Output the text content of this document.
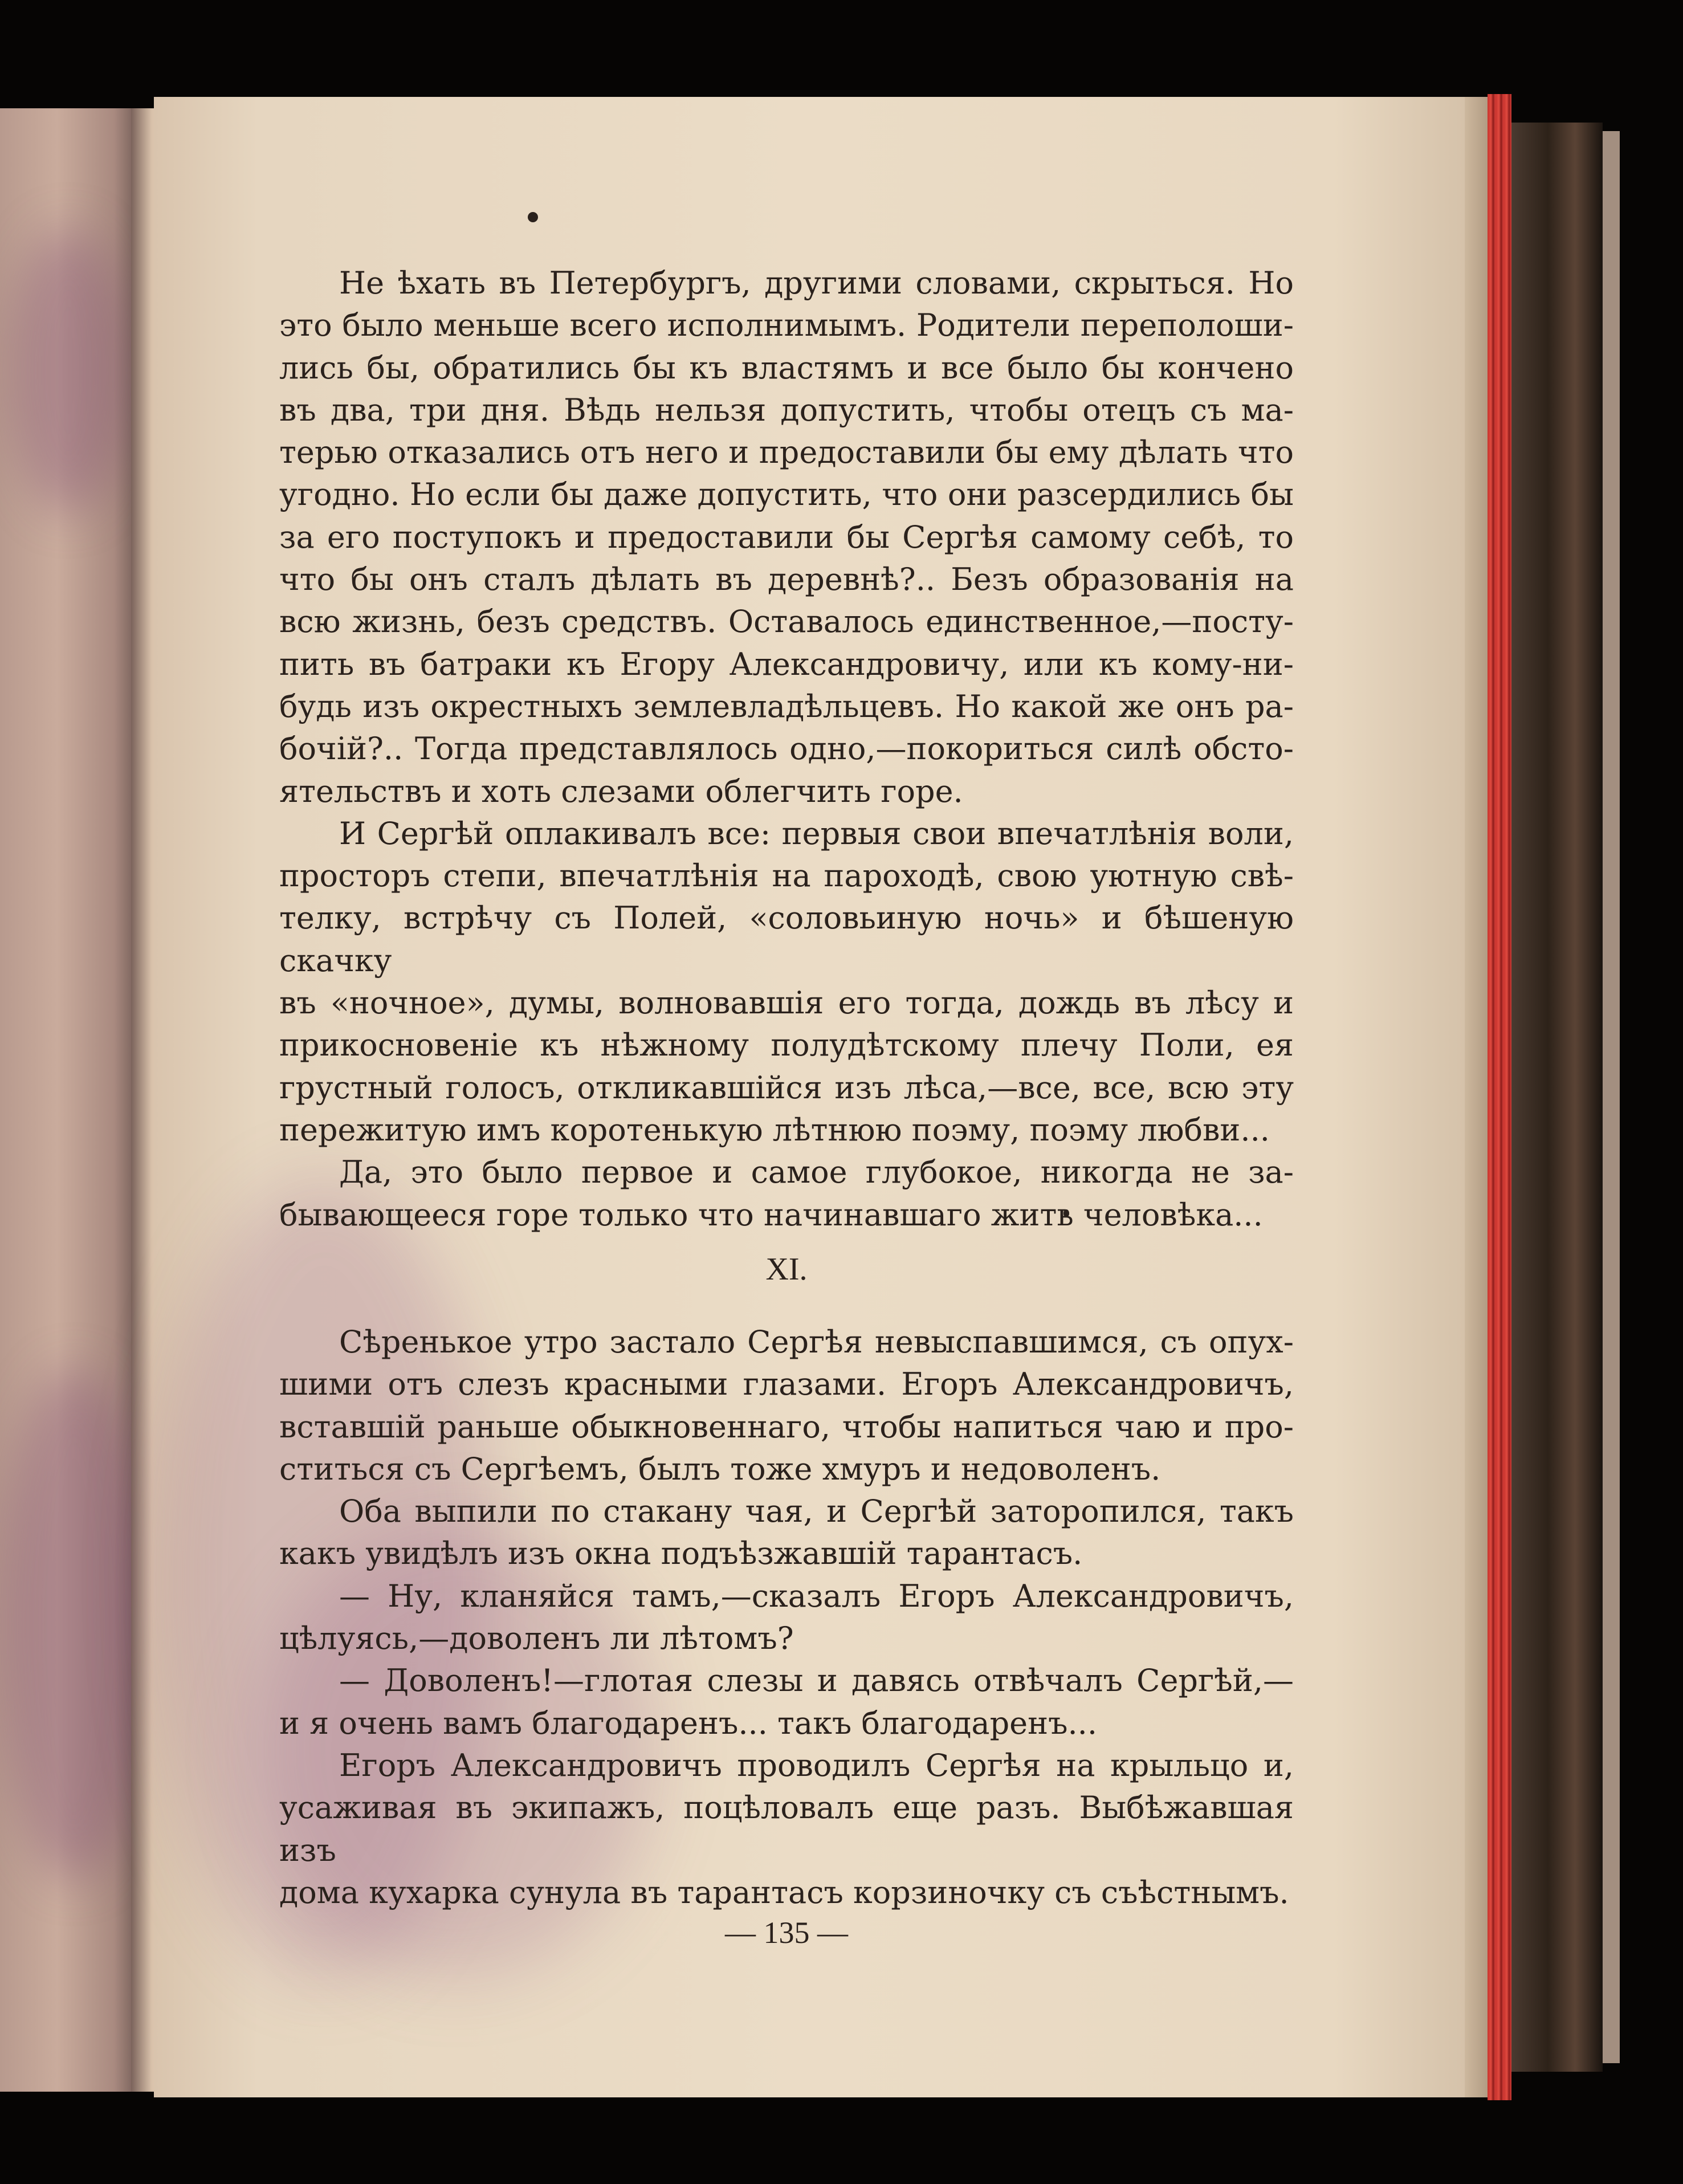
Не ѣхать въ Петербургъ, другими словами, скрыться. Но

это было меньше всего исполнимымъ. Родители переполоши-

лись бы, обратились бы къ властямъ и все было бы кончено

въ два, три дня. Вѣдь нельзя допустить, чтобы отецъ съ ма-

терью отказались отъ него и предоставили бы ему дѣлать что

угодно. Но если бы даже допустить, что они разсердились бы

за его поступокъ и предоставили бы Сергѣя самому себѣ, то

что бы онъ сталъ дѣлать въ деревнѣ?.. Безъ образованія на

всю жизнь, безъ средствъ. Оставалось единственное,—посту-

пить въ батраки къ Егору Александровичу, или къ кому-ни-

будь изъ окрестныхъ землевладѣльцевъ. Но какой же онъ ра-

бочій?.. Тогда представлялось одно,—покориться силѣ обсто-

ятельствъ и хоть слезами облегчить горе.

И Сергѣй оплакивалъ все: первыя свои впечатлѣнія воли,

просторъ степи, впечатлѣнія на пароходѣ, свою уютную свѣ-

телку, встрѣчу съ Полей, «соловьиную ночь» и бѣшеную скачку

въ «ночное», думы, волновавшія его тогда, дождь въ лѣсу и

прикосновеніе къ нѣжному полудѣтскому плечу Поли, ея

грустный голосъ, откликавшійся изъ лѣса,—все, все, всю эту

пережитую имъ коротенькую лѣтнюю поэму, поэму любви...

Да, это было первое и самое глубокое, никогда не за-

бывающееся горе только что начинавшаго жить человѣка...

XI.

Сѣренькое утро застало Сергѣя невыспавшимся, съ опух-

шими отъ слезъ красными глазами. Егоръ Александровичъ,

вставшій раньше обыкновеннаго, чтобы напиться чаю и про-

ститься съ Сергѣемъ, былъ тоже хмуръ и недоволенъ.

Оба выпили по стакану чая, и Сергѣй заторопился, такъ

какъ увидѣлъ изъ окна подъѣзжавшій тарантасъ.

— Ну, кланяйся тамъ,—сказалъ Егоръ Александровичъ,

цѣлуясь,—доволенъ ли лѣтомъ?

— Доволенъ!—глотая слезы и давясь отвѣчалъ Сергѣй,—

и я очень вамъ благодаренъ... такъ благодаренъ...

Егоръ Александровичъ проводилъ Сергѣя на крыльцо и,

усаживая въ экипажъ, поцѣловалъ еще разъ. Выбѣжавшая изъ

дома кухарка сунула въ тарантасъ корзиночку съ съѣстнымъ.

— 135 —
